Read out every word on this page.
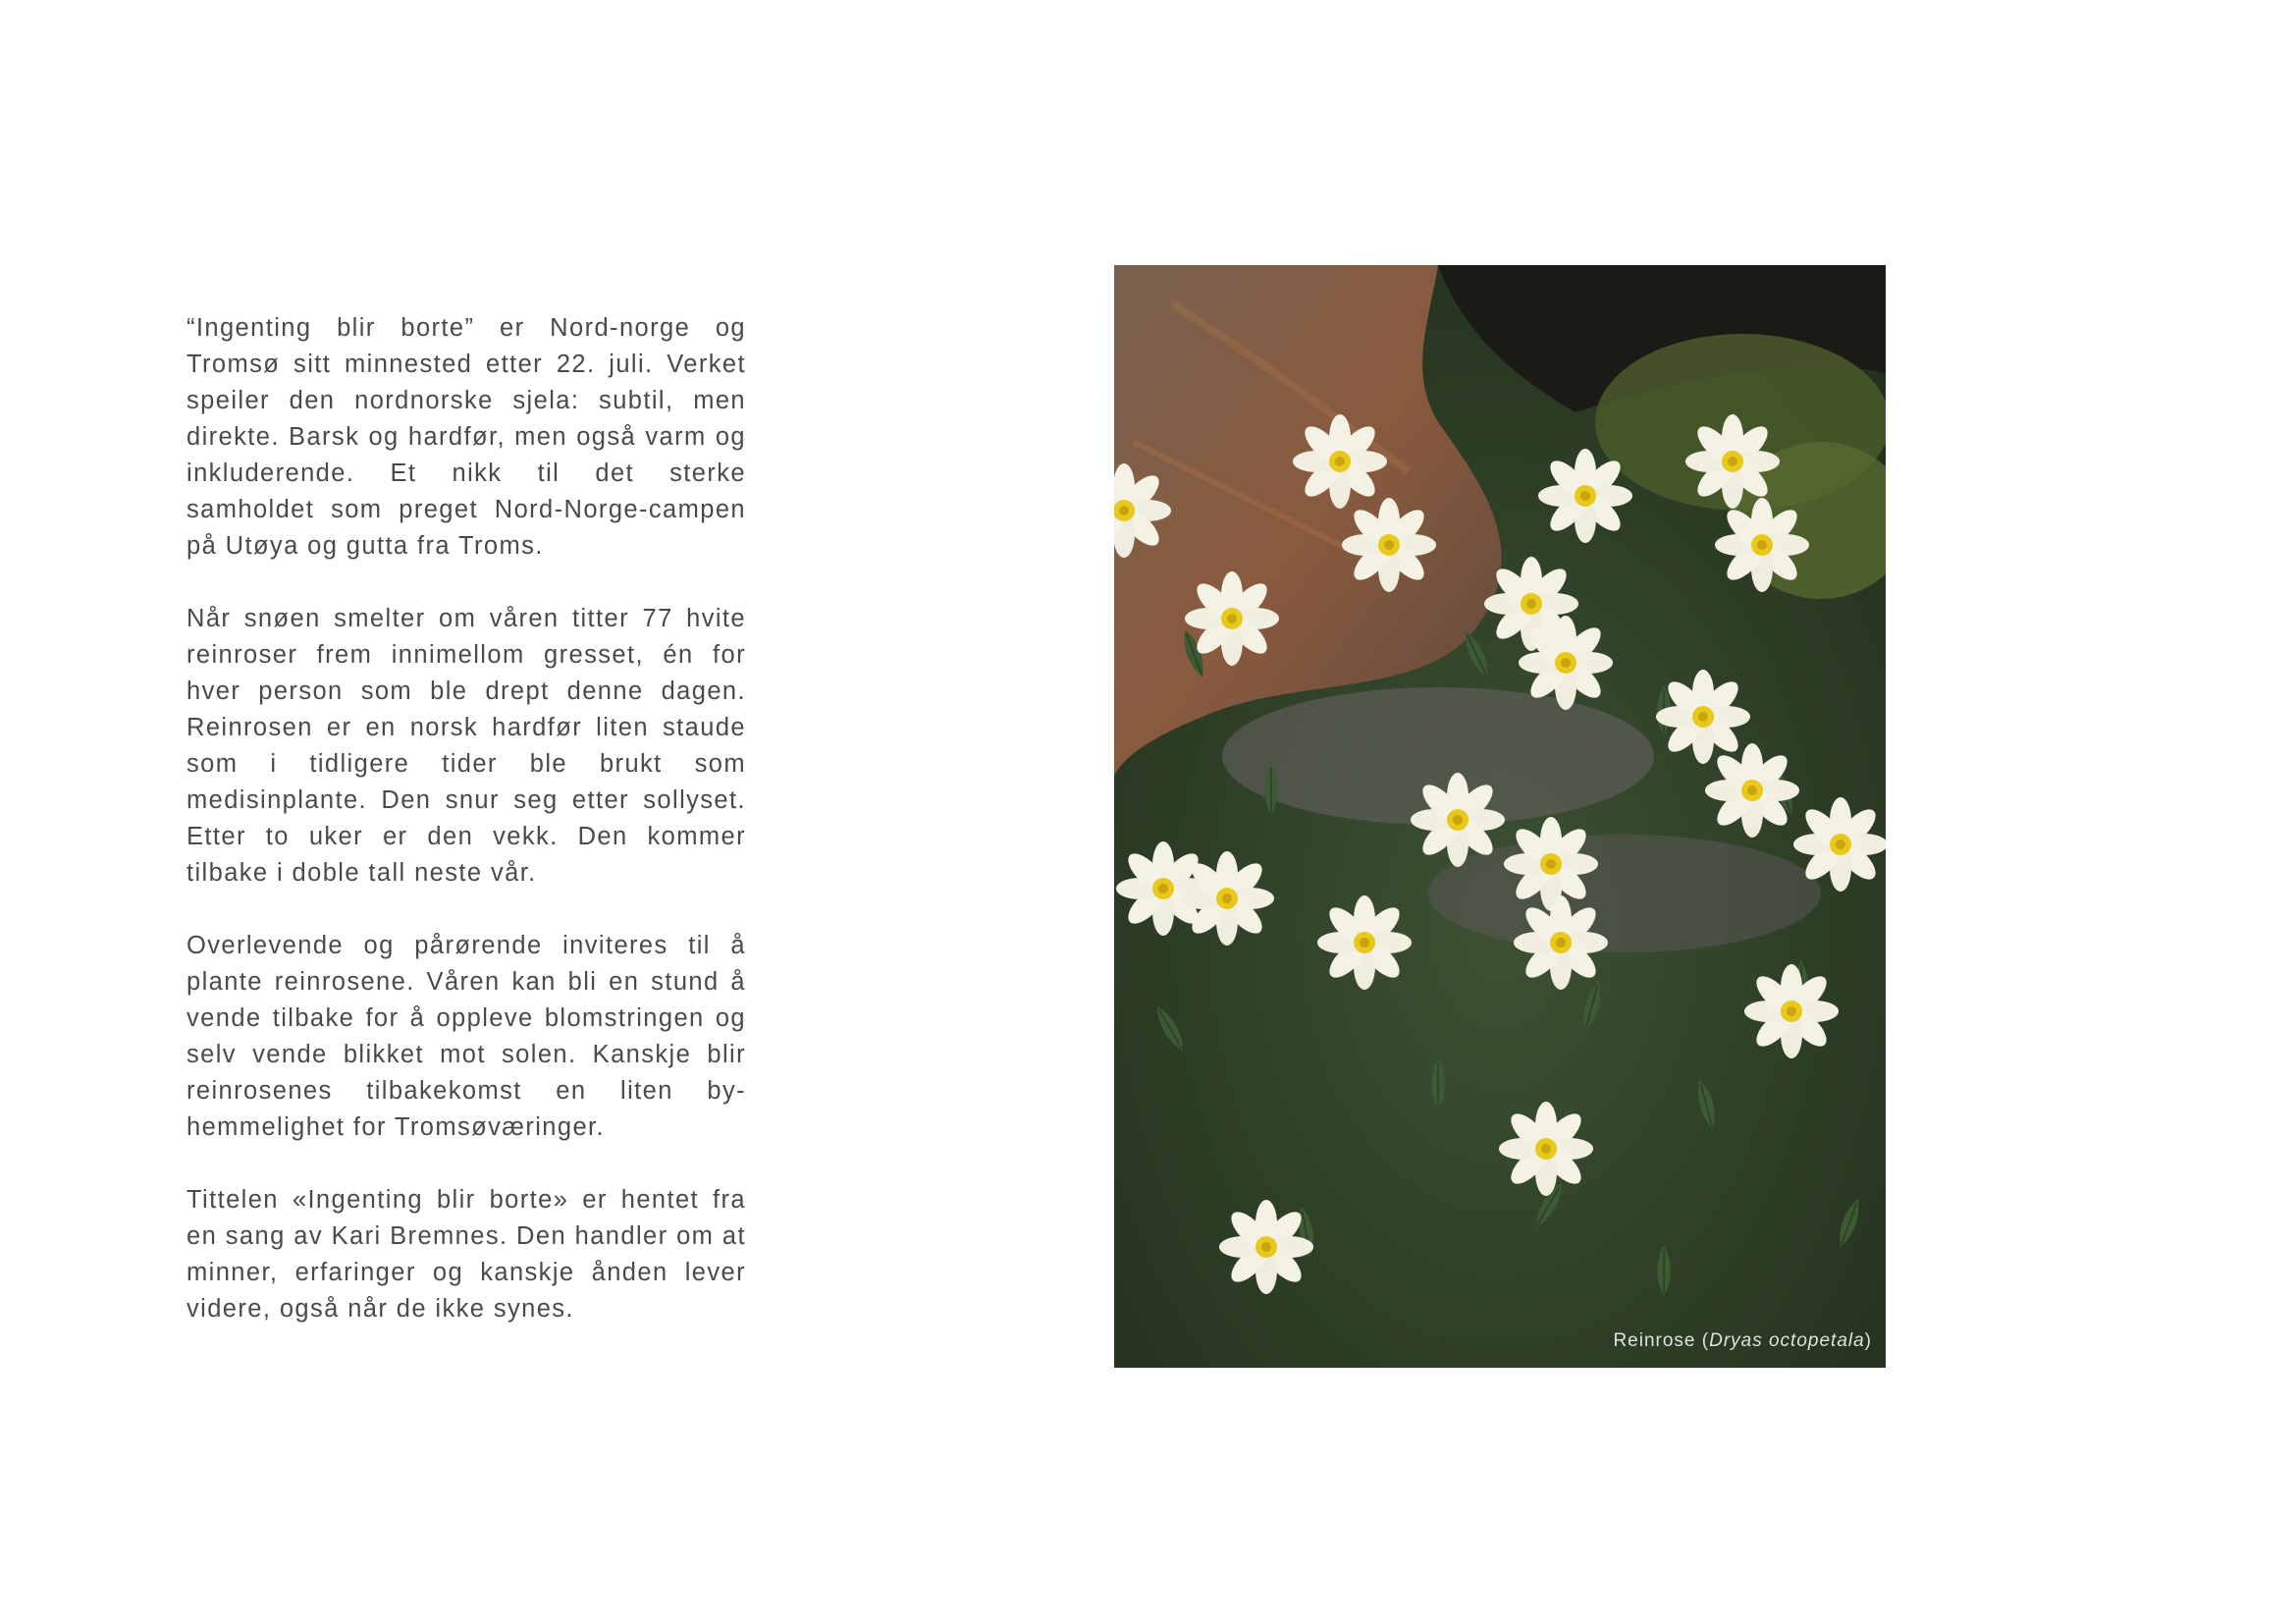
“Ingenting blir borte” er Nord-norge og Tromsø sitt minnested etter 22. juli. Verket speiler den nordnorske sjela: subtil, men direkte. Barsk og hardfør, men også varm og inkluderende. Et nikk til det sterke samholdet som preget Nord-Norge-campen på Utøya og gutta fra Troms.

Når snøen smelter om våren titter 77 hvite reinroser frem innimellom gresset, én for hver person som ble drept denne dagen. Reinrosen er en norsk hardfør liten staude som i tidligere tider ble brukt som medisinplante. Den snur seg etter sollyset. Etter to uker er den vekk. Den kommer tilbake i doble tall neste vår.

Overlevende og pårørende inviteres til å plante reinrosene. Våren kan bli en stund å vende tilbake for å oppleve blomstringen og selv vende blikket mot solen. Kanskje blir reinrosenes tilbakekomst en liten by-hemmelighet for Tromsøværinger.

Tittelen «Ingenting blir borte» er hentet fra en sang av Kari Bremnes. Den handler om at minner, erfaringer og kanskje ånden lever videre, også når de ikke synes.

Reinrose (Dryas octopetala)
